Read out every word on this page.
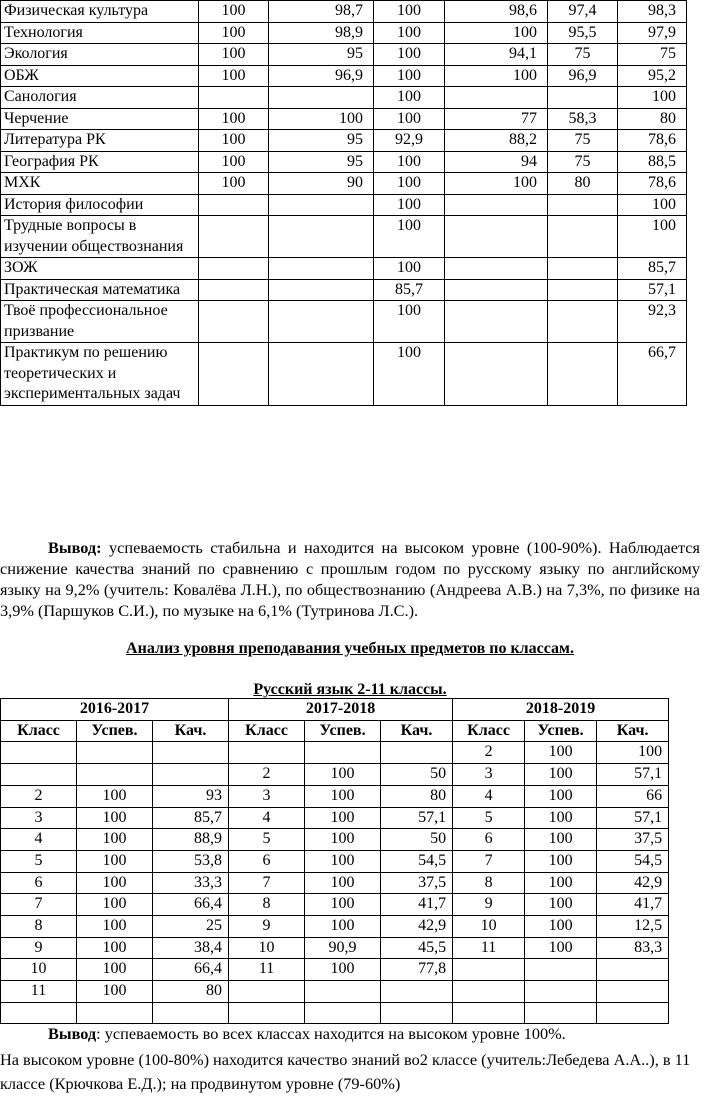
Физическая культура	100	98,7	100	98,6	97,4	98,3
Технология	100	98,9	100	100	95,5	97,9
Экология	100	95	100	94,1	75	75
ОБЖ	100	96,9	100	100	96,9	95,2
Санология			100			100
Черчение	100	100	100	77	58,3	80
Литература РК	100	95	92,9	88,2	75	78,6
География РК	100	95	100	94	75	88,5
МХК	100	90	100	100	80	78,6
История философии			100			100
Трудные вопросы в изучении обществознания			100			100
ЗОЖ			100			85,7
Практическая математика			85,7			57,1
Твоё профессиональное призвание			100			92,3
Практикум по решению теоретических и экспериментальных задач			100			66,7
Вывод: успеваемость стабильна и находится на высоком уровне (100-90%). Наблюдается снижение качества знаний по сравнению с прошлым годом по русскому языку по английскому языку на 9,2% (учитель: Ковалёва Л.Н.), по обществознанию (Андреева А.В.) на 7,3%, по физике на 3,9% (Паршуков С.И.), по музыке на 6,1% (Тутринова Л.С.).
Анализ уровня преподавания учебных предметов по классам.
Русский язык 2-11 классы.
2016-2017			2017-2018			2018-2019		
Класс	Успев.	Кач.	Класс	Успев.	Кач.	Класс	Успев.	Кач.
						2	100	100
			2	100	50	3	100	57,1
2	100	93	3	100	80	4	100	66
3	100	85,7	4	100	57,1	5	100	57,1
4	100	88,9	5	100	50	6	100	37,5
5	100	53,8	6	100	54,5	7	100	54,5
6	100	33,3	7	100	37,5	8	100	42,9
7	100	66,4	8	100	41,7	9	100	41,7
8	100	25	9	100	42,9	10	100	12,5
9	100	38,4	10	90,9	45,5	11	100	83,3
10	100	66,4	11	100	77,8			
11	100	80						

Вывод: успеваемость во всех классах находится на высоком уровне 100%.
На высоком уровне (100-80%) находится качество знаний во2 классе (учитель:Лебедева А.А..), в 11 классе (Крючкова Е.Д.); на продвинутом уровне (79-60%)
